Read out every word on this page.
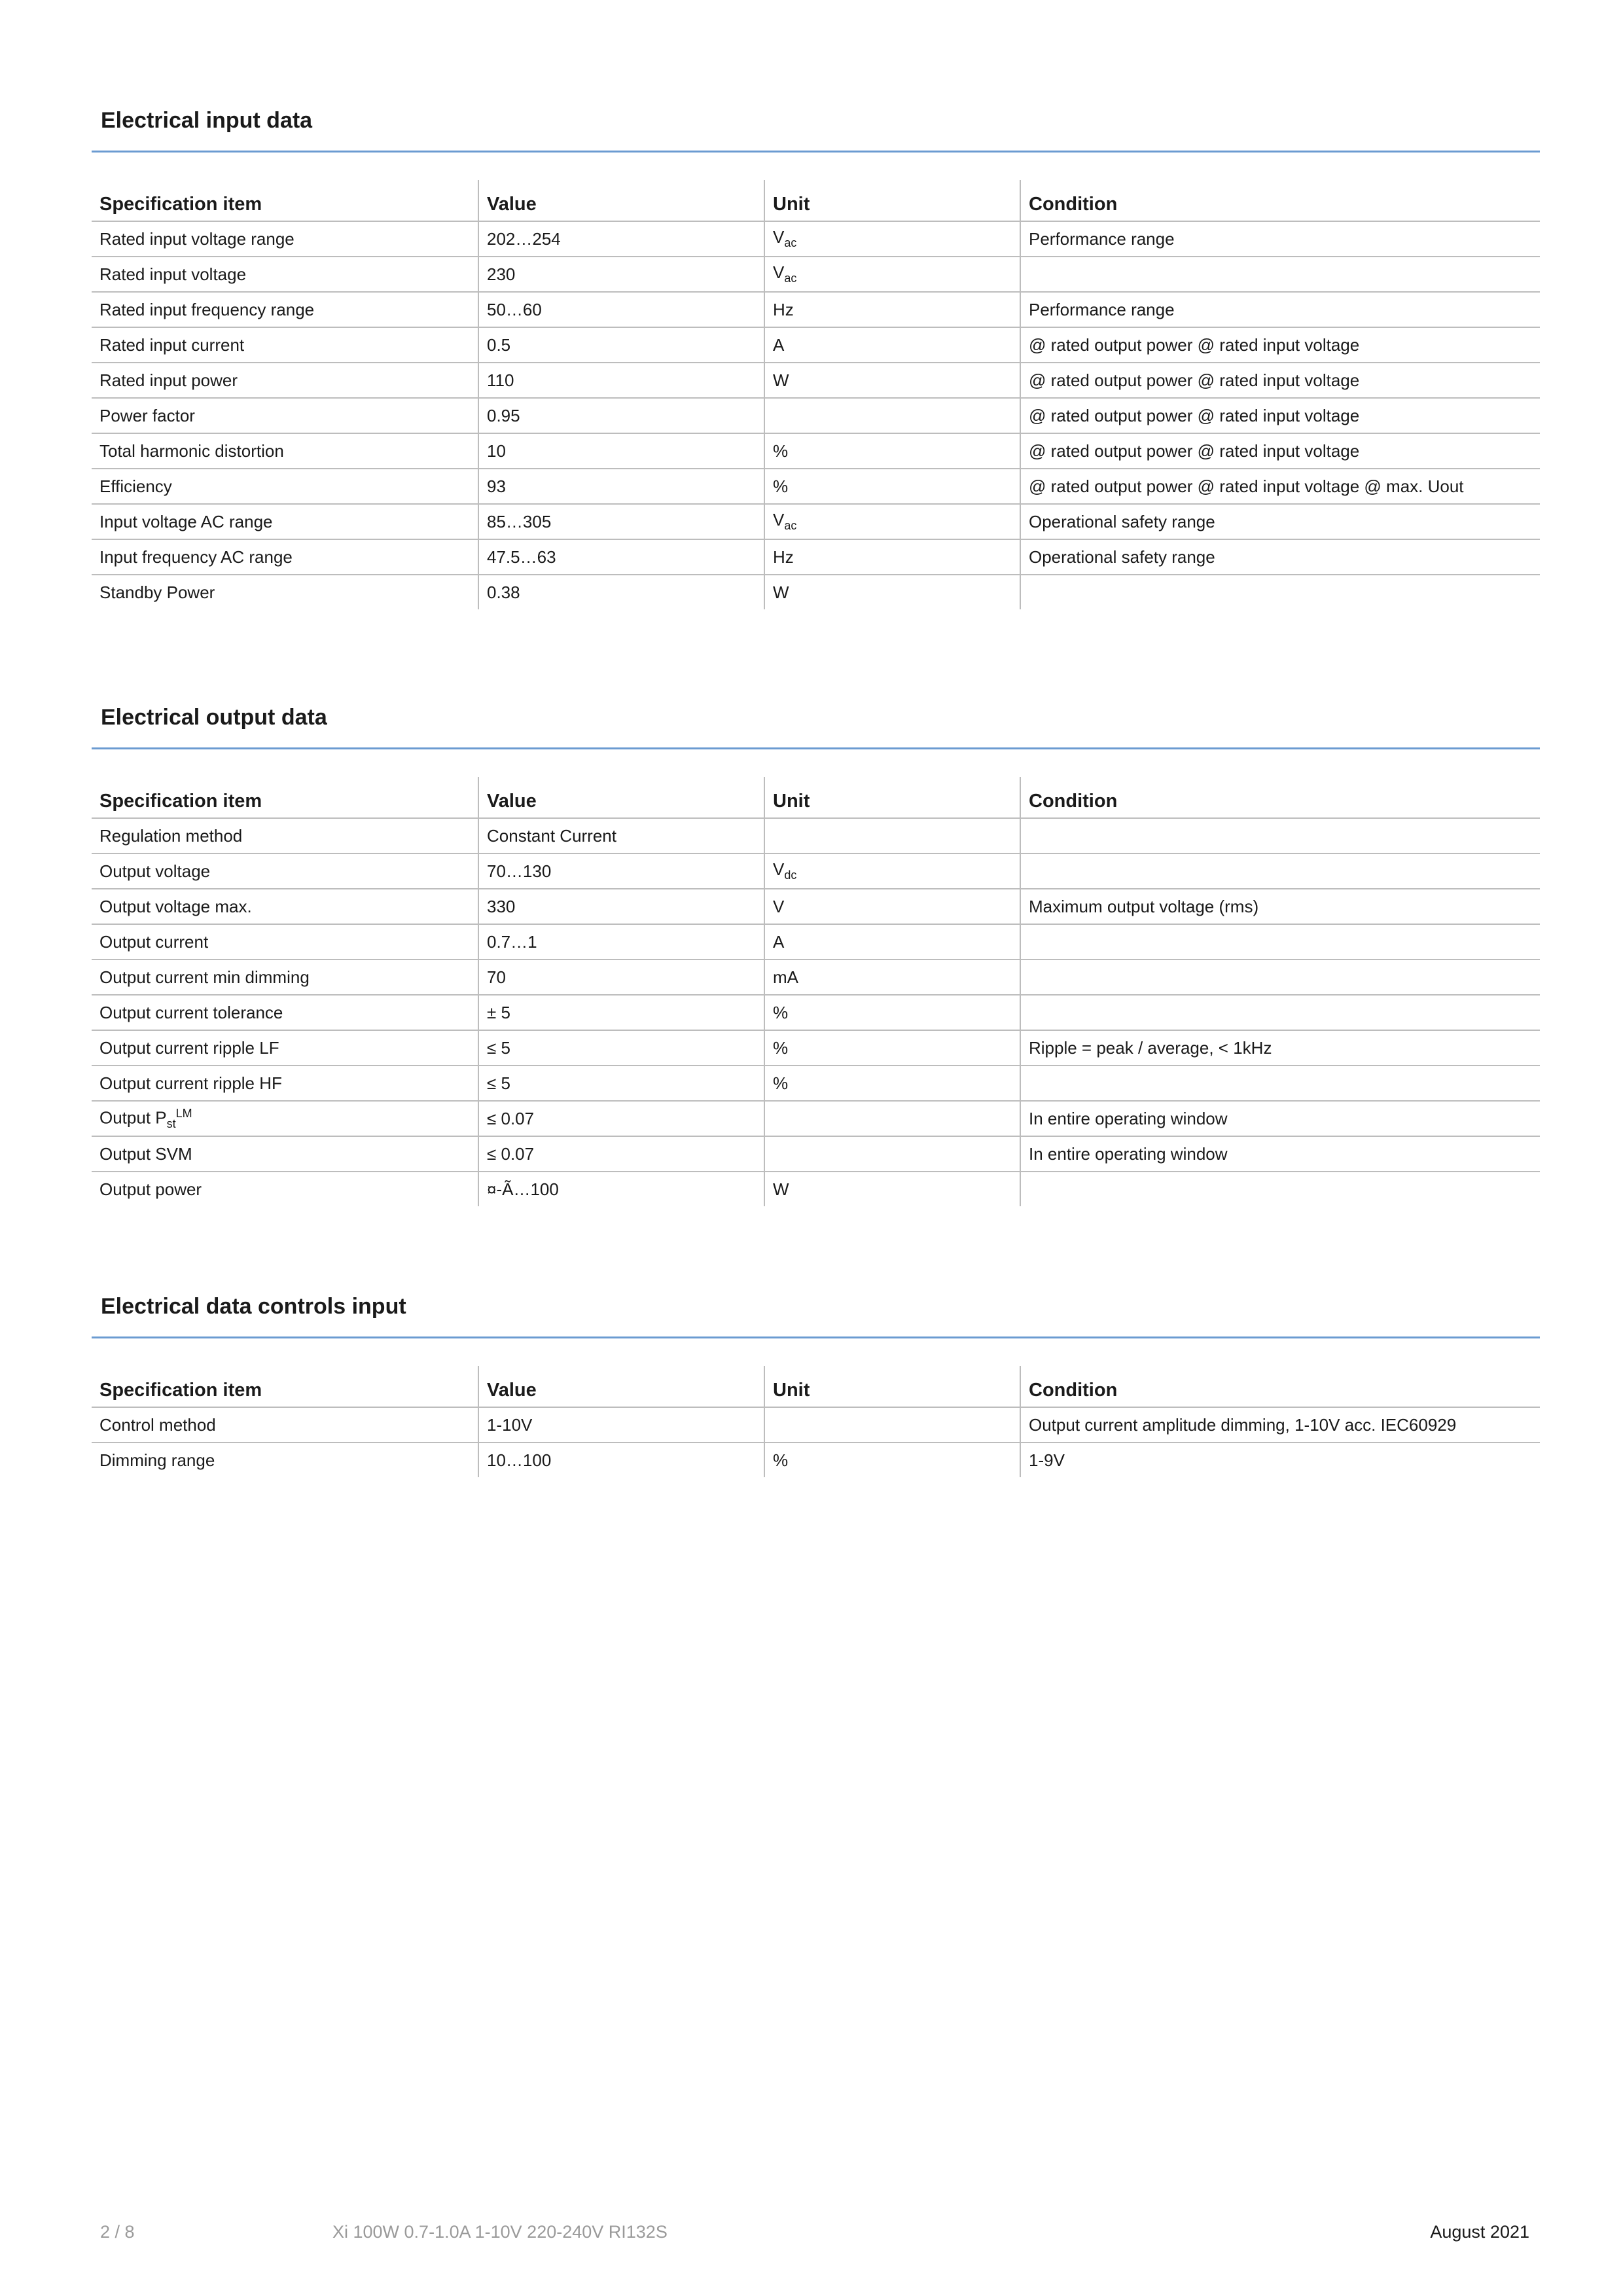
Electrical input data
Specification item	Value	Unit	Condition
Rated input voltage range	202…254	$V_{ac}$	Performance range
Rated input voltage	230	$V_{ac}$	
Rated input frequency range	50…60	Hz	Performance range
Rated input current	0.5	A	@ rated output power @ rated input voltage
Rated input power	110	W	@ rated output power @ rated input voltage
Power factor	0.95		@ rated output power @ rated input voltage
Total harmonic distortion	10	%	@ rated output power @ rated input voltage
Efficiency	93	%	@ rated output power @ rated input voltage @ max. Uout
Input voltage AC range	85…305	$V_{ac}$	Operational safety range
Input frequency AC range	47.5…63	Hz	Operational safety range
Standby Power	0.38	W	
Electrical output data
Specification item	Value	Unit	Condition
Regulation method	Constant Current		
Output voltage	70…130	$V_{dc}$	
Output voltage max.	330	V	Maximum output voltage (rms)
Output current	0.7…1	A	
Output current min dimming	70	mA	
Output current tolerance	± 5	%	
Output current ripple LF	≤ 5	%	Ripple = peak / average, < 1kHz
Output current ripple HF	≤ 5	%	
Output $P_{st}^{LM}$	≤ 0.07		In entire operating window
Output SVM	≤ 0.07		In entire operating window
Output power	¤-Ã…100	W	
Electrical data controls input
Specification item	Value	Unit	Condition
Control method	1-10V		Output current amplitude dimming, 1-10V acc. IEC60929
Dimming range	10…100	%	1-9V
2 / 8	Xi 100W 0.7-1.0A 1-10V 220-240V RI132S	August 2021
